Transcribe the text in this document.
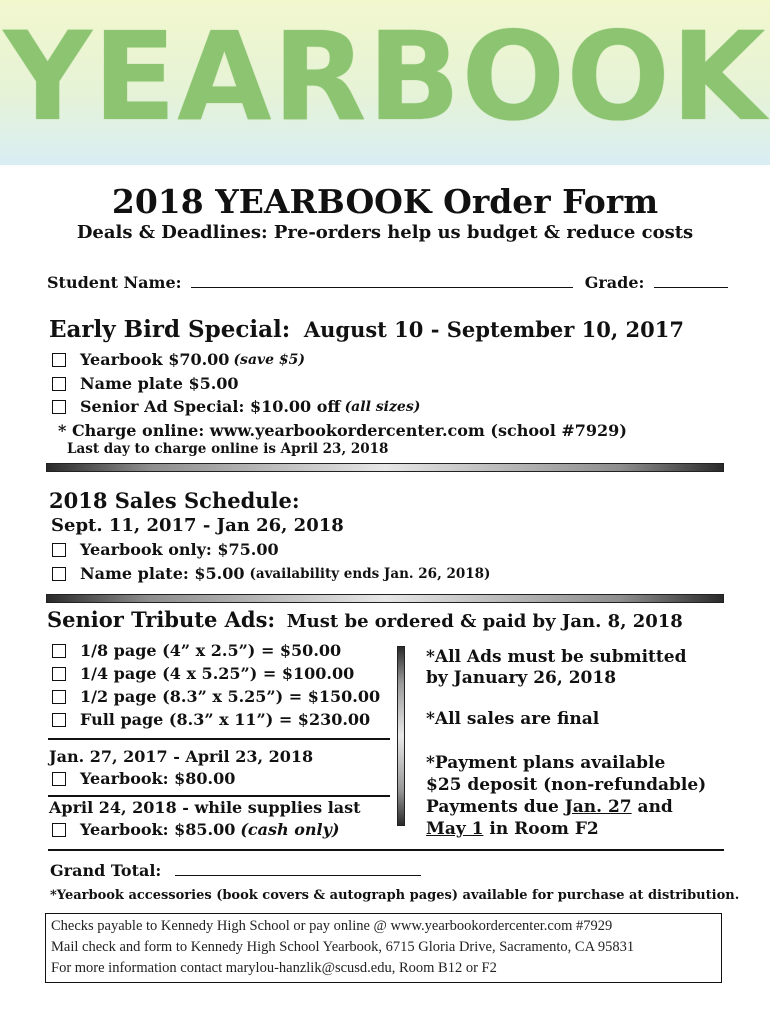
YEARBOOK
2018 YEARBOOK Order Form
Deals & Deadlines: Pre-orders help us budget & reduce costs
Student Name:	Grade:
Early Bird Special: August 10 - September 10, 2017
Yearbook $70.00 (save $5)
Name plate $5.00
Senior Ad Special: $10.00 off (all sizes)
* Charge online: www.yearbookordercenter.com (school #7929)
Last day to charge online is April 23, 2018
2018 Sales Schedule:
Sept. 11, 2017 - Jan 26, 2018
Yearbook only: $75.00
Name plate: $5.00 (availability ends Jan. 26, 2018)
Senior Tribute Ads: Must be ordered & paid by Jan. 8, 2018
1/8 page (4” x 2.5”) = $50.00
1/4 page (4 x 5.25”) = $100.00
1/2 page (8.3” x 5.25”) = $150.00
Full page (8.3” x 11”) = $230.00
Jan. 27, 2017 - April 23, 2018
Yearbook: $80.00
April 24, 2018 - while supplies last
Yearbook: $85.00 (cash only)
*All Ads must be submitted
by January 26, 2018
*All sales are final
*Payment plans available
$25 deposit (non-refundable)
Payments due Jan. 27 and
May 1 in Room F2
Grand Total:
*Yearbook accessories (book covers & autograph pages) available for purchase at distribution.
Checks payable to Kennedy High School or pay online @ www.yearbookordercenter.com #7929
Mail check and form to Kennedy High School Yearbook, 6715 Gloria Drive, Sacramento, CA 95831
For more information contact marylou-hanzlik@scusd.edu, Room B12 or F2
